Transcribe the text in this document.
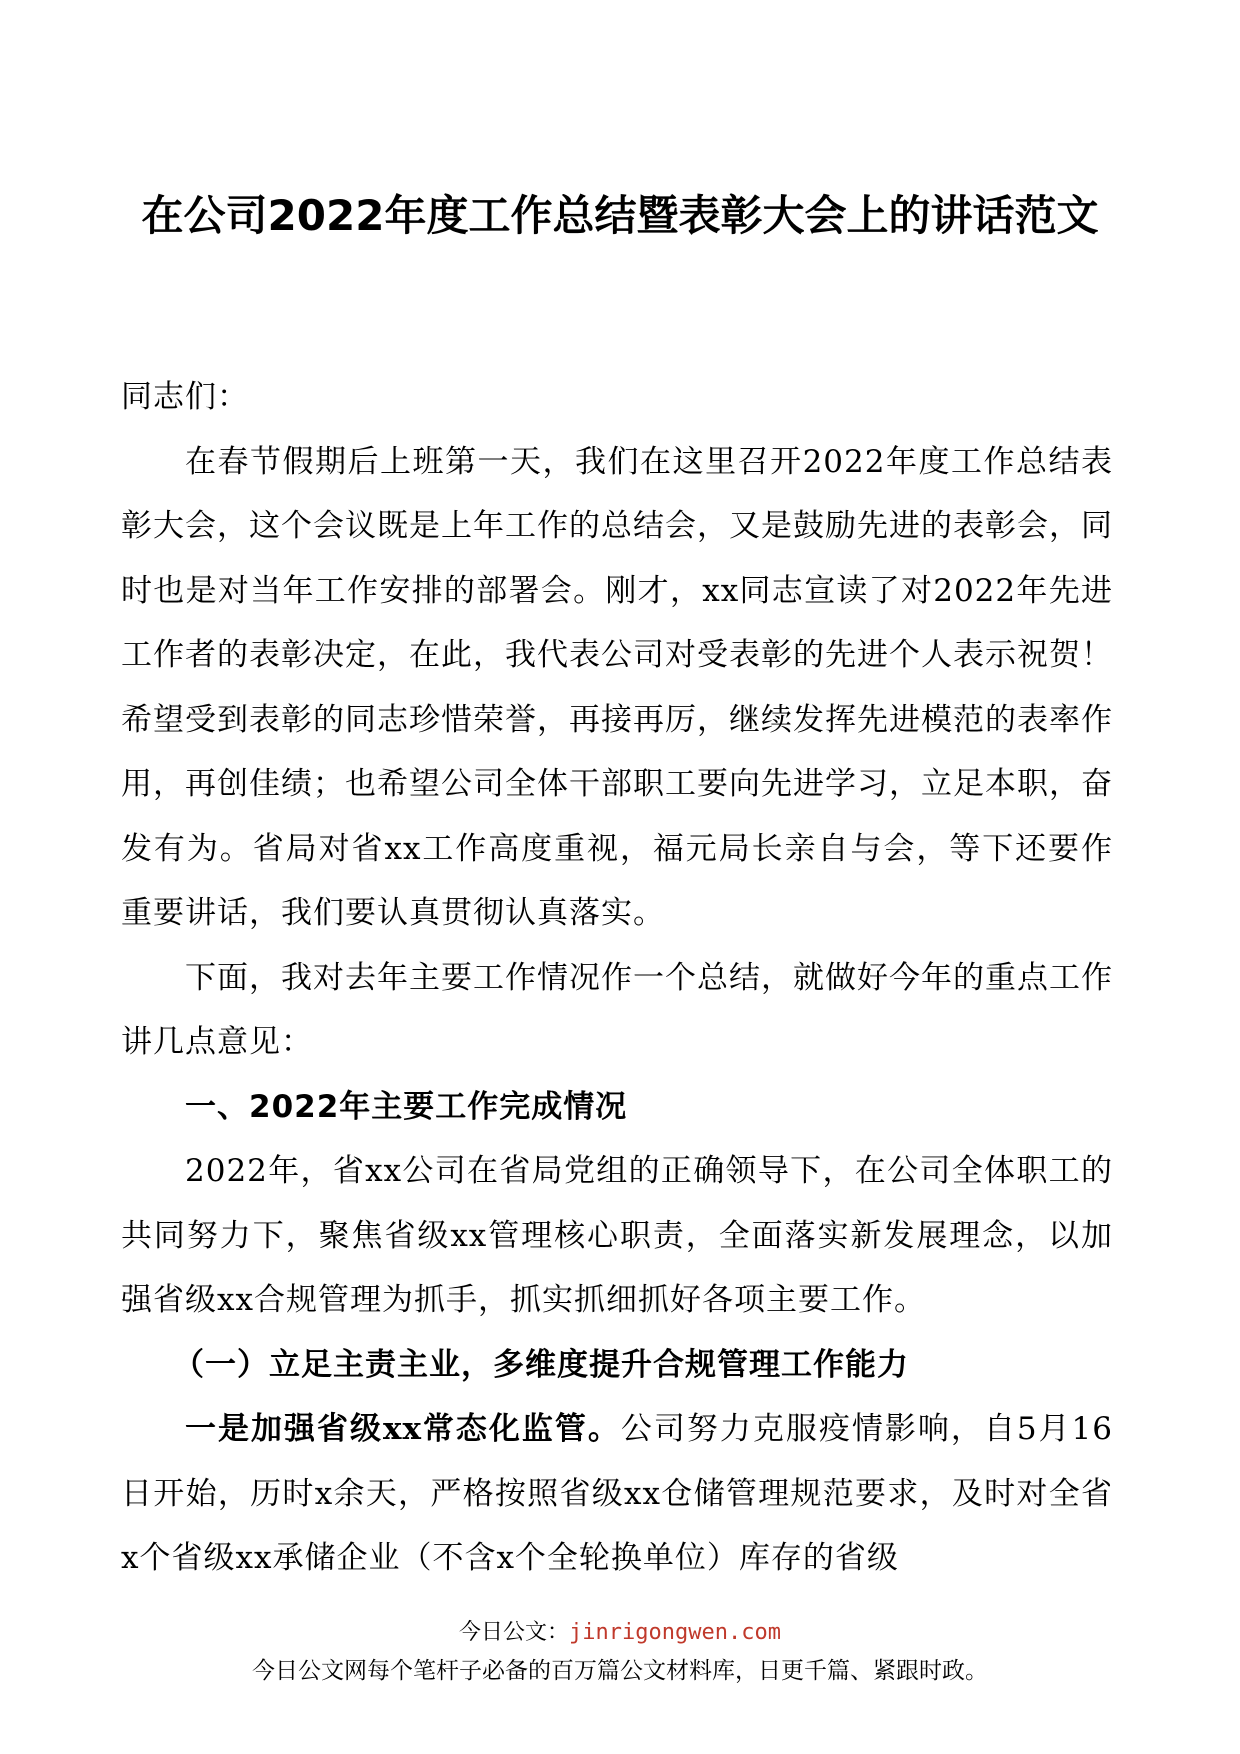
在公司2022年度工作总结暨表彰大会上的讲话范文

同志们：

在春节假期后上班第一天，我们在这里召开2022年度工作总结表彰大会，这个会议既是上年工作的总结会，又是鼓励先进的表彰会，同时也是对当年工作安排的部署会。刚才，xx同志宣读了对2022年先进工作者的表彰决定，在此，我代表公司对受表彰的先进个人表示祝贺！希望受到表彰的同志珍惜荣誉，再接再厉，继续发挥先进模范的表率作用，再创佳绩；也希望公司全体干部职工要向先进学习，立足本职，奋发有为。省局对省xx工作高度重视，福元局长亲自与会，等下还要作重要讲话，我们要认真贯彻认真落实。

下面，我对去年主要工作情况作一个总结，就做好今年的重点工作讲几点意见：

一、2022年主要工作完成情况

2022年，省xx公司在省局党组的正确领导下，在公司全体职工的共同努力下，聚焦省级xx管理核心职责，全面落实新发展理念，以加强省级xx合规管理为抓手，抓实抓细抓好各项主要工作。

（一）立足主责主业，多维度提升合规管理工作能力

一是加强省级xx常态化监管。公司努力克服疫情影响，自5月16日开始，历时x余天，严格按照省级xx仓储管理规范要求，及时对全省x个省级xx承储企业（不含x个全轮换单位）库存的省级

今日公文：jinrigongwen.com
今日公文网每个笔杆子必备的百万篇公文材料库，日更千篇、紧跟时政。
